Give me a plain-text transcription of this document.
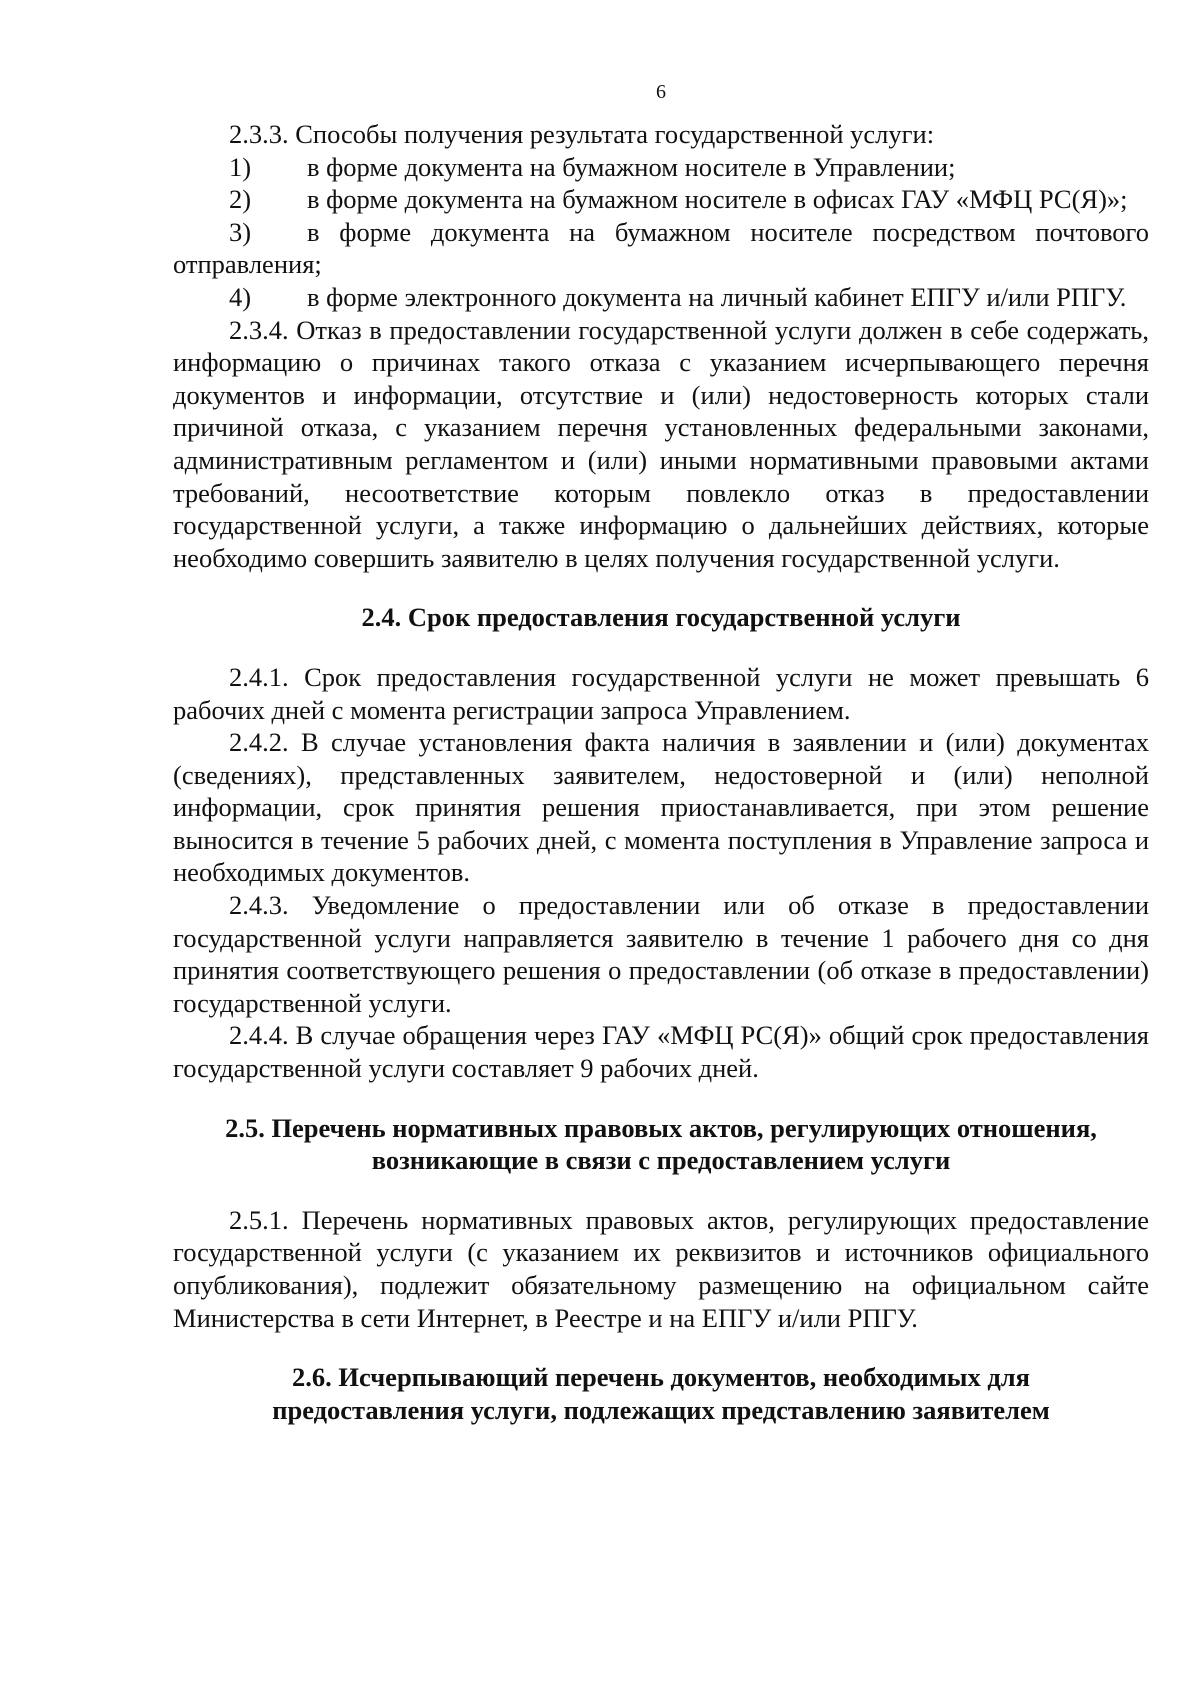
6

2.3.3. Способы получения результата государственной услуги:

1) в форме документа на бумажном носителе в Управлении;
2) в форме документа на бумажном носителе в офисах ГАУ «МФЦ РС(Я)»;
3) в форме документа на бумажном носителе посредством почтового отправления;
4) в форме электронного документа на личный кабинет ЕПГУ и/или РПГУ.

2.3.4. Отказ в предоставлении государственной услуги должен в себе содержать, информацию о причинах такого отказа с указанием исчерпывающего перечня документов и информации, отсутствие и (или) недостоверность которых стали причиной отказа, с указанием перечня установленных федеральными законами, административным регламентом и (или) иными нормативными правовыми актами требований, несоответствие которым повлекло отказ в предоставлении государственной услуги, а также информацию о дальнейших действиях, которые необходимо совершить заявителю в целях получения государственной услуги.

2.4. Срок предоставления государственной услуги

2.4.1. Срок предоставления государственной услуги не может превышать 6 рабочих дней с момента регистрации запроса Управлением.

2.4.2. В случае установления факта наличия в заявлении и (или) документах (сведениях), представленных заявителем, недостоверной и (или) неполной информации, срок принятия решения приостанавливается, при этом решение выносится в течение 5 рабочих дней, с момента поступления в Управление запроса и необходимых документов.

2.4.3. Уведомление о предоставлении или об отказе в предоставлении государственной услуги направляется заявителю в течение 1 рабочего дня со дня принятия соответствующего решения о предоставлении (об отказе в предоставлении) государственной услуги.

2.4.4. В случае обращения через ГАУ «МФЦ РС(Я)» общий срок предоставления государственной услуги составляет 9 рабочих дней.

2.5. Перечень нормативных правовых актов, регулирующих отношения,
возникающие в связи с предоставлением услуги

2.5.1. Перечень нормативных правовых актов, регулирующих предоставление государственной услуги (с указанием их реквизитов и источников официального опубликования), подлежит обязательному размещению на официальном сайте Министерства в сети Интернет, в Реестре и на ЕПГУ и/или РПГУ.

2.6. Исчерпывающий перечень документов, необходимых для
предоставления услуги, подлежащих представлению заявителем
